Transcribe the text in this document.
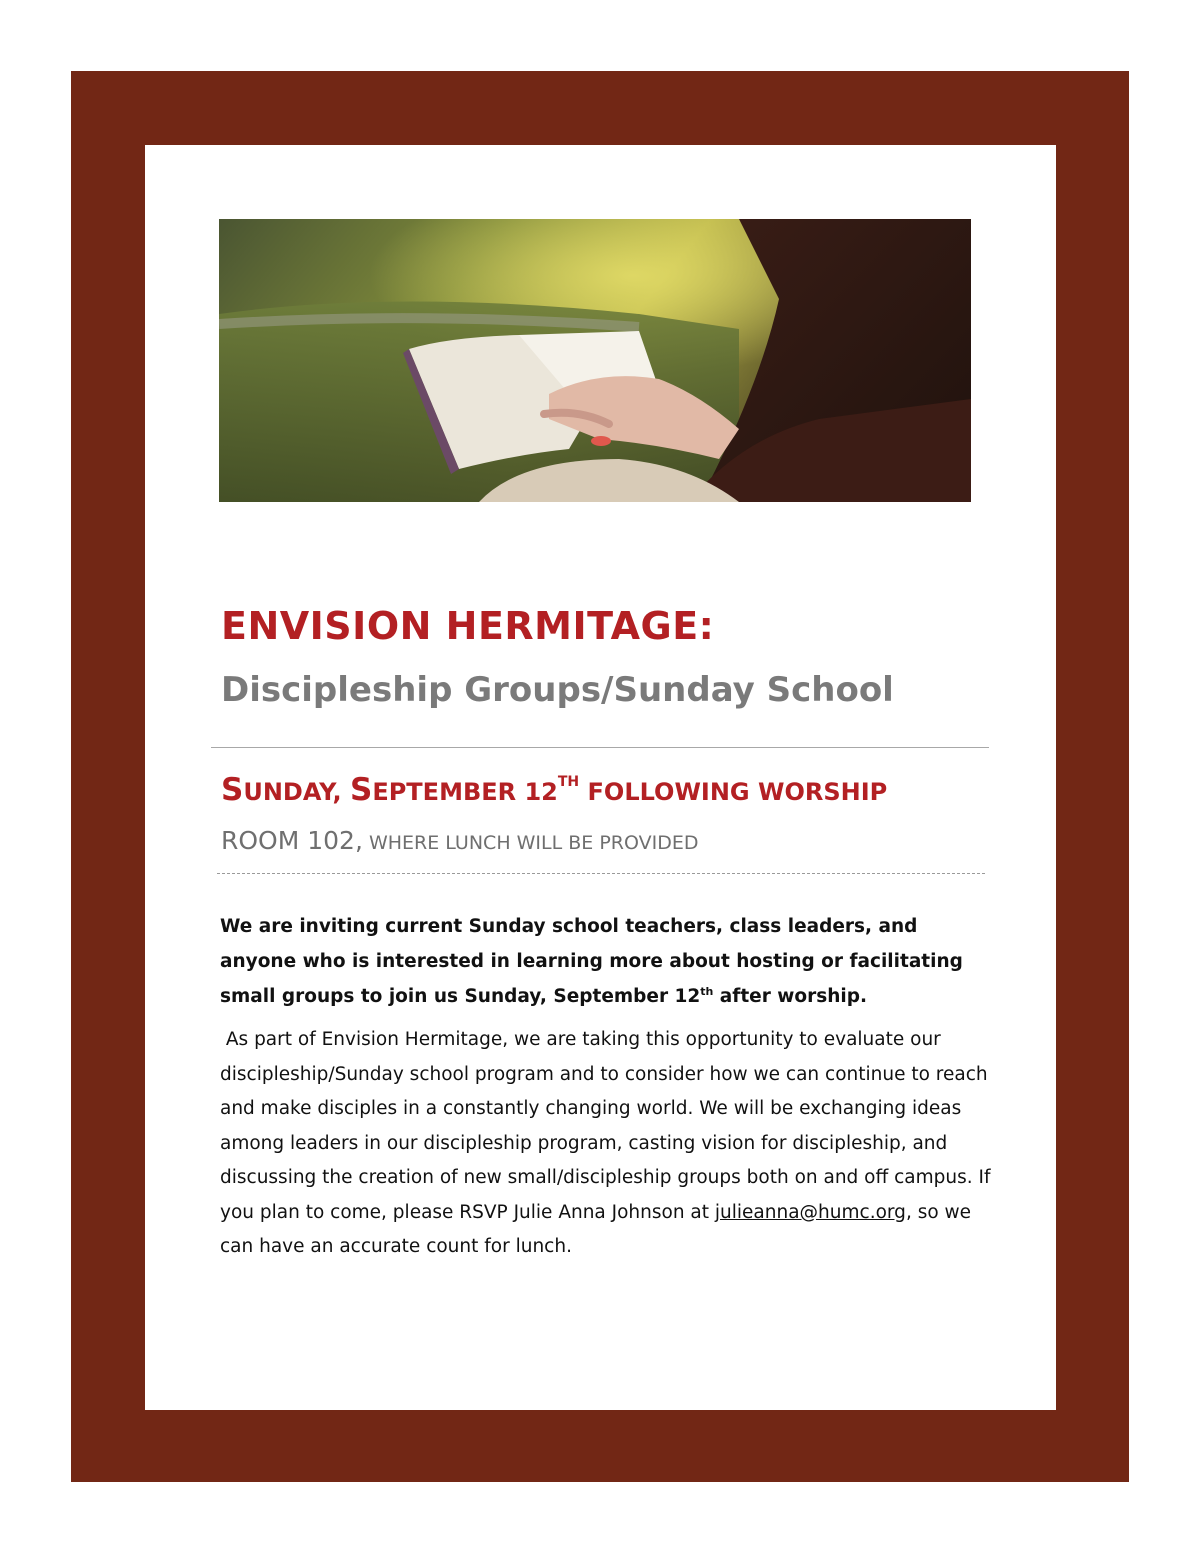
ENVISION HERMITAGE:
Discipleship Groups/Sunday School

SUNDAY, SEPTEMBER 12TH FOLLOWING WORSHIP

ROOM 102, WHERE LUNCH WILL BE PROVIDED

We are inviting current Sunday school teachers, class leaders, and anyone who is interested in learning more about hosting or facilitating small groups to join us Sunday, September 12th after worship.

As part of Envision Hermitage, we are taking this opportunity to evaluate our discipleship/Sunday school program and to consider how we can continue to reach and make disciples in a constantly changing world. We will be exchanging ideas among leaders in our discipleship program, casting vision for discipleship, and discussing the creation of new small/discipleship groups both on and off campus. If you plan to come, please RSVP Julie Anna Johnson at julieanna@humc.org, so we can have an accurate count for lunch.
